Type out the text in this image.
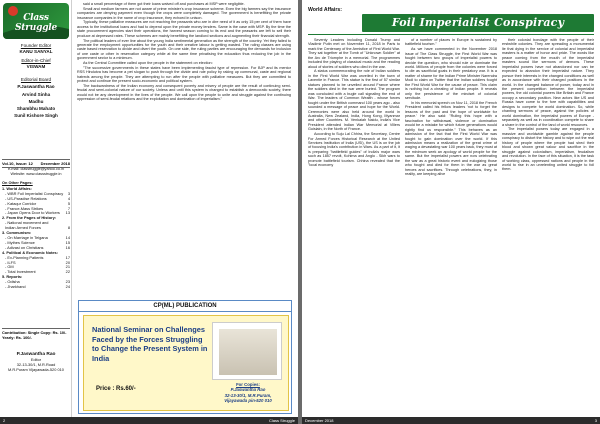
Class Struggle
Founder Editor
KANU SANYAL
Editor-in-Chief
VISWAM
Editorial Board
P.Jaswantha Rao
Arvind Sinha
Madhu
Shambhu Mahato
Sunil Kishore Singh
Vol.10, Issue: 12 December 2018
e-mail: classtruggle@yahoo.co.in
Website: www.classstruggle.in
On Other Pages:
1. World Affairs:
- WBR Foil Imperialist Conspiracy 3
- US-Paradise Relations	4
- Kataqur Corridor	5
- France-Mass Strikes	7
- Japan Opens Door to Workers 13
2. From the Pages of History:
- National movement and
Indian Armed Forces	8
3. Communism:
- On Marriage in Telgana	14
- Mythes Science	15
- Adivasi on Christians	16
4. Political & Economic Notes:
- Ex-Planning Patients	17
- ILFS	20
- GM	21
- Total Investment	22
5. Reports:
- Odisha	23
- Jharkhand	24
Contribution: Single Copy: Rs. 10/- Yearly: Rs. 100/-
P.Jaswantha Rao
Editor
32-13-30/1, M.R.Road
M.R.Puram Vijayawada-520 010

said a small percentage of them got their loans waived off and purchases at MSP were negligible.

Small and medium farmers are not aware of prime minister's crop insurance scheme. Even the big farmers say the insurance companies are denying payment even though the crops were completely damaged. The government is benefitting the private insurance companies in the name of crop insurance, they echoed in unison.

Typically, these palliative measures are not reaching the peasants who are in dire need of it as only 15 per cent of them have access to the institutional loans and had to depend upon the private money lenders. Same is the case with MSP. By the time the state procurement agencies start their operations, the harvest season coming to its end and the peasants are left to sell their produce at depressed rates. These schemes are mainly benefitting the landlord sections and augmenting their financial strength.

The political leaders of ever line about the young India sentimental generation as the strength of the country. Yet they failed to generate the employment opportunities for the youth and their creative labour is getting wasted. The ruling classes are using caste based reservation to divide and divert the youth. On one side, the ruling parties are encouraging the demands for inclusion of one caste or other in reservation category while at the same time privatising the education thus reducing the job in the government sector to a minimum.

As the Central Committee called upon the people in the statement on election:

"The successive governments in these states have been implementing fascist type of repression. For BJP and its mentor RSS Hindutva has become a pet slogan to push through the divide and rule policy by raking up communal, caste and regional hatreds among the people. They are attempting to run after the people with palliative measures. But they are committed to protect and continue the present socio-economic and political system.

The backwardness of the Indian economy and consequent poverty and misery of people are the result of continuing semi-feudal and semi-colonial nature of our society. Unless and until this system is changed to establish a democratic society, there would not be any development in the lives of the people. We call upon the people to unite and struggle against the continuing oppression of semi-feudal relations and the exploitation and domination of imperialism."

CP(ML) PUBLICATION
National Seminar on Challenges Faced by the Forces Struggling to Change the Present System in India
Price : Rs.60/-
For Copies:
P.Jaswantha Rao
32-13-30/1, M.R.Puram,
Vijayawada pin-520 010
2	Class Struggle
World Affairs:
Foil Imperialist Conspiracy

Seventy Leaders including Donald Trump and Vladimir Putin met on November 11, 2018 in Paris to mark the Centenary of the Armistice of First World War. They sat together at the Tomb of "Unknown Soldier" at the Arc de Triomphe in a memorial. The programmes included the playing of classical music and the reading aloud of stories of soldiers who died in the war.

A status commemorating the role of Indian soldiers in the First World War was unveiled in the town of Laventie in France. This statue is the first of 57 similar statues planned to be unveiled around France where the soldiers died in the war were buried. The program was concluded with a bugle call signaling the end of War. The leaders of Common Wealth - whose forces fought under the British command 100 years ago - also sounded a message of peace and hope for the World. Ceremonies were also held around the world in Australia, New Zealand, India, Hong Kong, Myanmar and other Countries. M. Venkaiah Naidu, India's Vice President attended Indian War Memorial at Villers Guislain, in the North of France.

According to Suju Lal Chhira, the Secretary, Centre For Armed Forces Historical Research at the United Services Institution of India (USI), the US is on the job of focusing India's contribution in Wars. As a part of it, it is preparing "battlefield guides" of India's major wars such as 1857 revolt, Kohima and Anglo - Sikh wars to promote battlefield tourism. Chhina revealed that the "local economy

of a number of places in Europe is sustained by battlefield tourism."

As we have commented in the November 2018 issue of The Class Struggle, the First World War was fought between two groups of imperialist powers to decide the question, who should rule or dominate the world. Millions of people from the colonies were forced to die as sacrificial goats in their predatory war. It is a matter of shame for the Indian Prime Minister Narendra Modi to claim on Twitter that the Indian soldiers fought the First World War for the cause of peace. This claim is nothing but a cheating of Indian people. It reveals only the persistence of the mindset of colonial servitude.

In his memorial speech on Nov 11, 2018 the French President called his fellow leaders 'not to forget the lessons of the past and the hope of worldwide for peace.' He also said: "Ruling this hope with a fascination for withdrawal, violence or domination would be a mistake for which future generations would rightly find us responsible." This behaves as an admission of the fact that the First World War was fought to gain domination over the world. If this admission means a realization of the great crime of waging a devastating war 100 years back, they must at the minimum seek an apology of world people for the same. But the imperialist powers are now celebrating the war as a great historic event and eulogizing those who fought and died for them in the war as great heroes and sacrifices. Through celebrations, they, in reality, are keeping alive

their colonial bondage with the people of their erstwhile colonies. They are spreading a monumental lie that dying in the service of colonial and imperialist masters is a matter of honor and pride. The words like peace coming from the mouth of the imperialist masters sound like sermons of demons. These imperialist powers have not abandoned nor can be expected to abandon their imperialist nature. They pursue their interests in the changed conditions as well as in accordance with their changed positions in the world. In the changed balance of power, today and in the present competition between the imperialist powers, the old colonial powers like Britain and France occupy a secondary position. New actors like US and Russia have come to the fore with capabilities and designs to compete for world domination. So, while chanting sermons of peace, against the policies of world domination, the imperialist powers of Europe - separately as well as in coordination compete to share a share in the control of the land of world resources.

The imperialist powers today are engaged in a massive and worldwide gamble against the people conspiracy to distort the history and to wipe out the real history of people where the people had shed their blood and shown great valour and sacrifice in the struggle against colonialism, imperialism, feudalism and revolution. In the face of this situation, it is the task of working class, oppressed nations and people in the world to rise in an unrelenting united struggle to foil them.

December 2018	3
